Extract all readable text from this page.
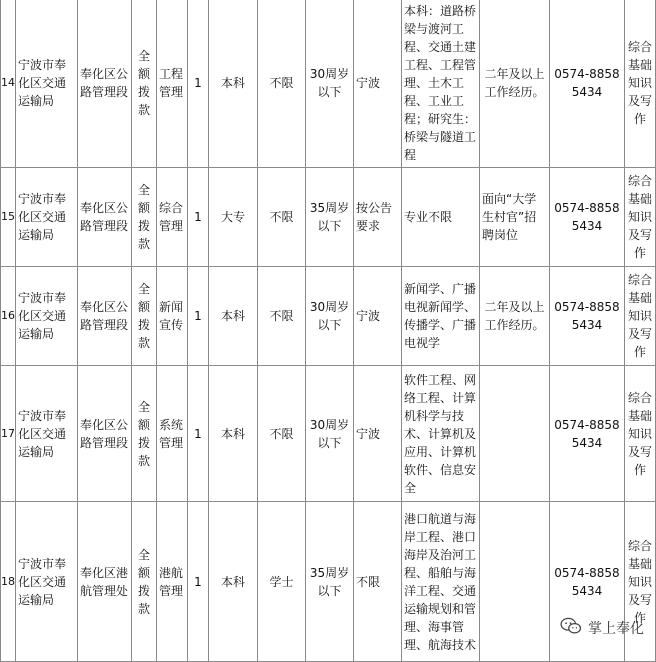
14	宁波市奉化区交通运输局	奉化区公路管理段	全额拨款	工程管理	1	本科	不限	30周岁以下	宁波	本科：道路桥梁与渡河工程、交通土建工程、工程管理、土木工程、工业工程；研究生：桥梁与隧道工程	二年及以上工作经历。	0574-88585434	综合基础知识及写作
15	宁波市奉化区交通运输局	奉化区公路管理段	全额拨款	综合管理	1	大专	不限	35周岁以下	按公告要求	专业不限	面向“大学生村官”招聘岗位	0574-88585434	综合基础知识及写作
16	宁波市奉化区交通运输局	奉化区公路管理段	全额拨款	新闻宣传	1	本科	不限	30周岁以下	宁波	新闻学、广播电视新闻学、传播学、广播电视学	二年及以上工作经历。	0574-88585434	综合基础知识及写作
17	宁波市奉化区交通运输局	奉化区公路管理段	全额拨款	系统管理	1	本科	不限	30周岁以下	宁波	软件工程、网络工程、计算机科学与技术、计算机及应用、计算机软件、信息安全		0574-88585434	综合基础知识及写作
18	宁波市奉化区交通运输局	奉化区港航管理处	全额拨款	港航管理	1	本科	学士	35周岁以下	不限	港口航道与海岸工程、港口海岸及治河工程、船舶与海洋工程、交通运输规划和管理、海事管理、航海技术		0574-88585434	综合基础知识及写作
掌上奉化
